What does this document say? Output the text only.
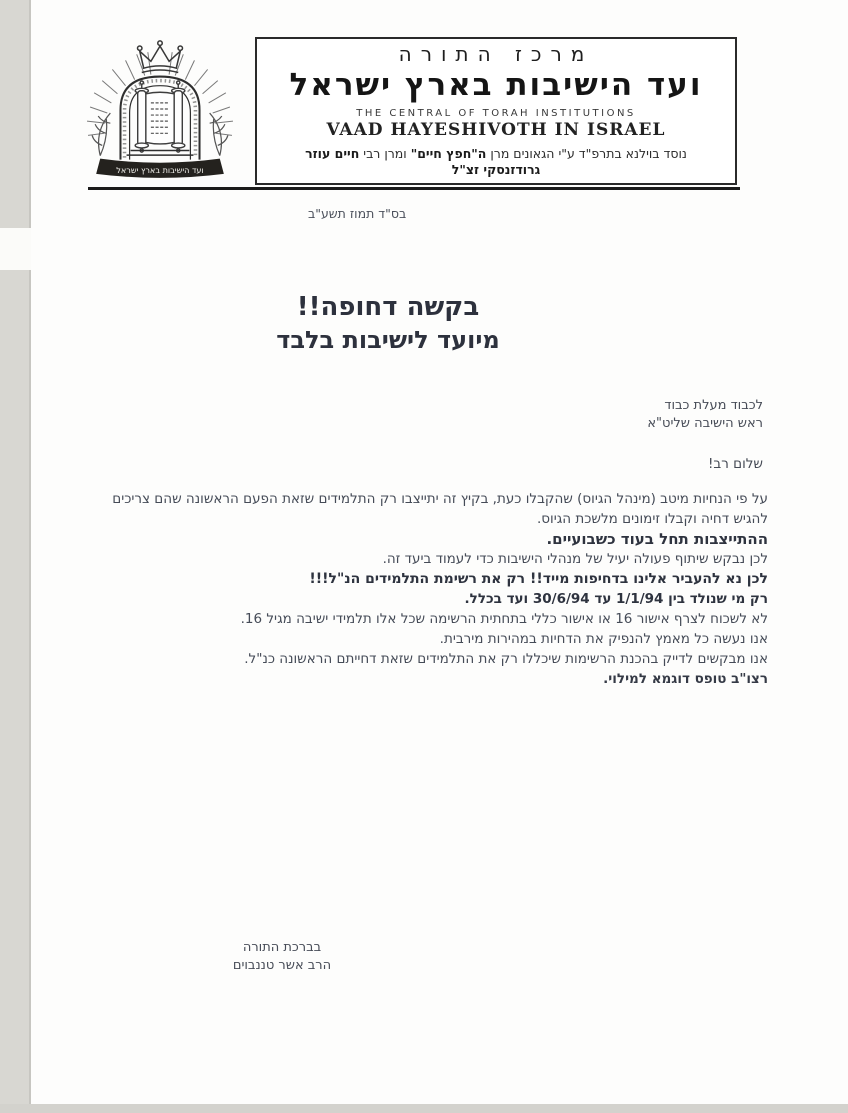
ועד הישיבות בארץ ישראל
מרכז התורה
ועד הישיבות בארץ ישראל
THE CENTRAL OF TORAH INSTITUTIONS
VAAD HAYESHIVOTH IN ISRAEL
נוסד בוילנא בתרפ"ד ע"י הגאונים מרן ה"חפץ חיים" ומרן רבי חיים עוזר
גרודזנסקי זצ"ל
בס"ד תמוז תשע"ב
בקשה דחופה!!
מיועד לישיבות בלבד
לכבוד מעלת כבוד
ראש הישיבה שליט"א
שלום רב!

על פי הנחיות מיטב (מינהל הגיוס) שהקבלו כעת, בקיץ זה יתייצבו רק התלמידים שזאת הפעם הראשונה שהם צריכים להגיש דחיה וקבלו זימונים מלשכת הגיוס.

ההתייצבות תחל בעוד כשבועיים.

לכן נבקש שיתוף פעולה יעיל של מנהלי הישיבות כדי לעמוד ביעד זה.

לכן נא להעביר אלינו בדחיפות מייד!! רק את רשימת התלמידים הנ"ל!!!

רק מי שנולד בין 1/1/94 עד 30/6/94 ועד בכלל.

לא לשכוח לצרף אישור 16 או אישור כללי בתחתית הרשימה שכל אלו תלמידי ישיבה מגיל 16.

אנו נעשה כל מאמץ להנפיק את הדחיות במהירות מירבית.

אנו מבקשים לדייק בהכנת הרשימות שיכללו רק את התלמידים שזאת דחייתם הראשונה כנ"ל.

רצו"ב טופס דוגמא למילוי.

בברכת התורה
הרב אשר טננבוים
